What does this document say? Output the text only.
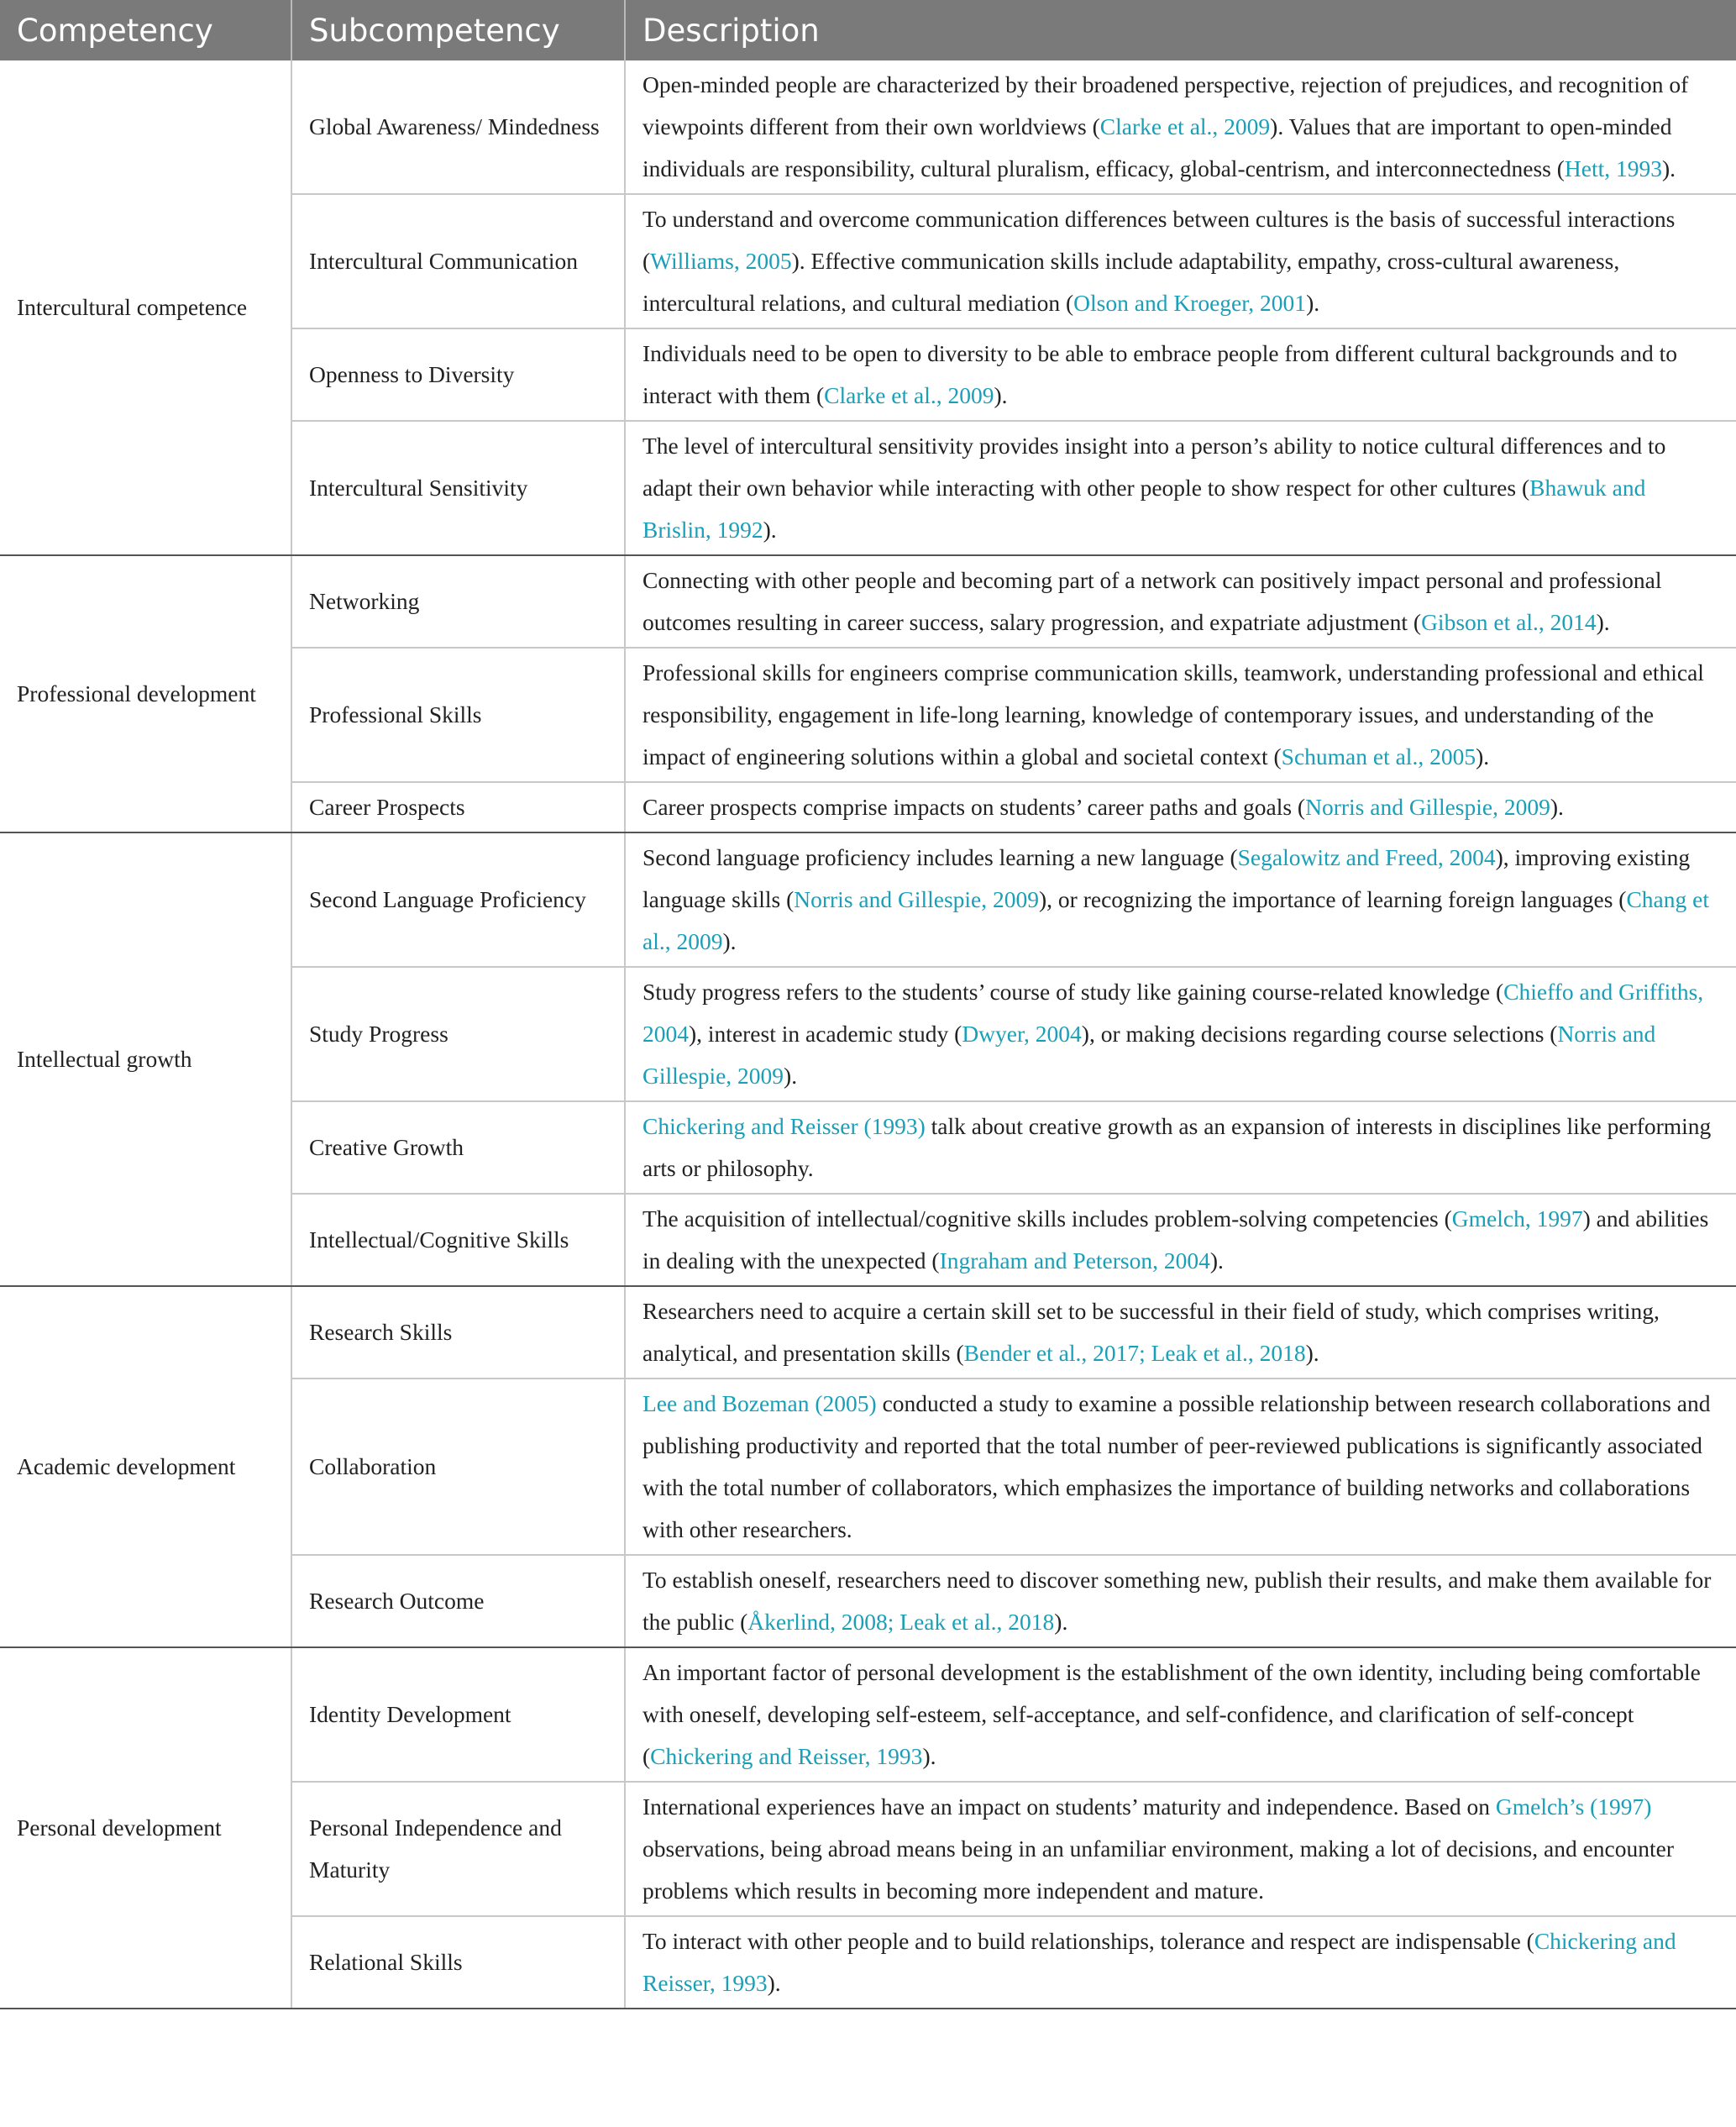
Competency	Subcompetency	Description
Intercultural competence	Global Awareness/ Mindedness	Open-minded people are characterized by their broadened perspective, rejection of prejudices, and recognition of viewpoints different from their own worldviews (Clarke et al., 2009). Values that are important to open-minded individuals are responsibility, cultural pluralism, efficacy, global-centrism, and interconnectedness (Hett, 1993).

	Intercultural Communication	To understand and overcome communication differences between cultures is the basis of successful interactions (Williams, 2005). Effective communication skills include adaptability, empathy, cross-cultural awareness, intercultural relations, and cultural mediation (Olson and Kroeger, 2001).

	Openness to Diversity	Individuals need to be open to diversity to be able to embrace people from different cultural backgrounds and to interact with them (Clarke et al., 2009).

	Intercultural Sensitivity	The level of intercultural sensitivity provides insight into a person’s ability to notice cultural differences and to adapt their own behavior while interacting with other people to show respect for other cultures (Bhawuk and Brislin, 1992).

Professional development	Networking	Connecting with other people and becoming part of a network can positively impact personal and professional outcomes resulting in career success, salary progression, and expatriate adjustment (Gibson et al., 2014).

	Professional Skills	Professional skills for engineers comprise communication skills, teamwork, understanding professional and ethical responsibility, engagement in life-long learning, knowledge of contemporary issues, and understanding of the impact of engineering solutions within a global and societal context (Schuman et al., 2005).

	Career Prospects	Career prospects comprise impacts on students’ career paths and goals (Norris and Gillespie, 2009).

Intellectual growth	Second Language Proficiency	Second language proficiency includes learning a new language (Segalowitz and Freed, 2004), improving existing language skills (Norris and Gillespie, 2009), or recognizing the importance of learning foreign languages (Chang et al., 2009).

	Study Progress	Study progress refers to the students’ course of study like gaining course-related knowledge (Chieffo and Griffiths, 2004), interest in academic study (Dwyer, 2004), or making decisions regarding course selections (Norris and Gillespie, 2009).

	Creative Growth	Chickering and Reisser (1993) talk about creative growth as an expansion of interests in disciplines like performing arts or philosophy.

	Intellectual/Cognitive Skills	The acquisition of intellectual/cognitive skills includes problem-solving competencies (Gmelch, 1997) and abilities in dealing with the unexpected (Ingraham and Peterson, 2004).

Academic development	Research Skills	Researchers need to acquire a certain skill set to be successful in their field of study, which comprises writing, analytical, and presentation skills (Bender et al., 2017; Leak et al., 2018).

	Collaboration	Lee and Bozeman (2005) conducted a study to examine a possible relationship between research collaborations and publishing productivity and reported that the total number of peer-reviewed publications is significantly associated with the total number of collaborators, which emphasizes the importance of building networks and collaborations with other researchers.

	Research Outcome	To establish oneself, researchers need to discover something new, publish their results, and make them available for the public (Åkerlind, 2008; Leak et al., 2018).

Personal development	Identity Development	An important factor of personal development is the establishment of the own identity, including being comfortable with oneself, developing self-esteem, self-acceptance, and self-confidence, and clarification of self-concept (Chickering and Reisser, 1993).

	Personal Independence and Maturity	International experiences have an impact on students’ maturity and independence. Based on Gmelch’s (1997) observations, being abroad means being in an unfamiliar environment, making a lot of decisions, and encounter problems which results in becoming more independent and mature.

	Relational Skills	To interact with other people and to build relationships, tolerance and respect are indispensable (Chickering and Reisser, 1993).
